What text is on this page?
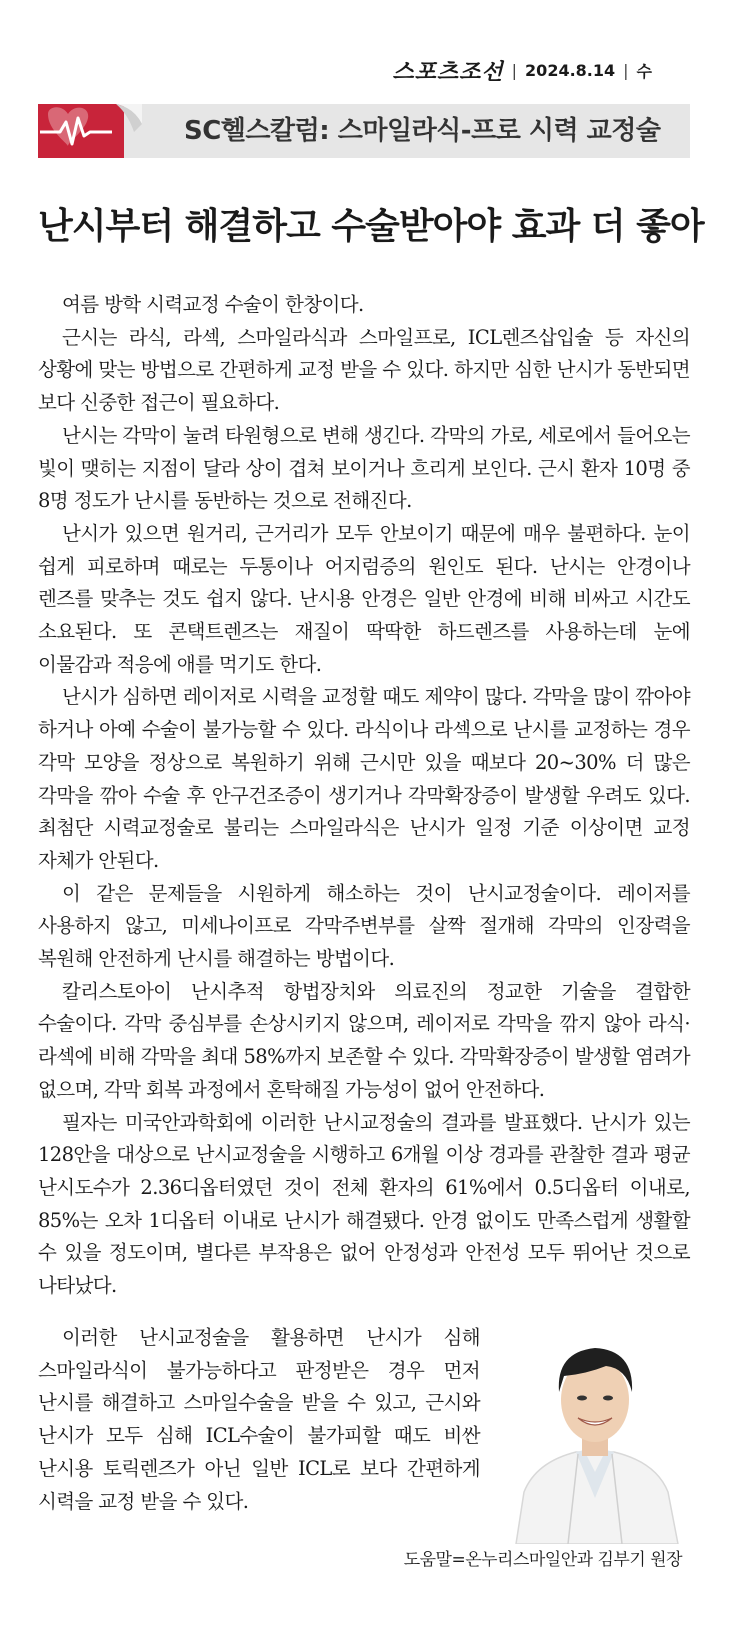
스포츠조선 | 2024.8.14 | 수
SC헬스칼럼: 스마일라식-프로 시력 교정술
난시부터 해결하고 수술받아야 효과 더 좋아

여름 방학 시력교정 수술이 한창이다.

근시는 라식, 라섹, 스마일라식과 스마일프로, ICL렌즈삽입술 등 자신의 상황에 맞는 방법으로 간편하게 교정 받을 수 있다. 하지만 심한 난시가 동반되면 보다 신중한 접근이 필요하다.

난시는 각막이 눌려 타원형으로 변해 생긴다. 각막의 가로, 세로에서 들어오는 빛이 맺히는 지점이 달라 상이 겹쳐 보이거나 흐리게 보인다. 근시 환자 10명 중 8명 정도가 난시를 동반하는 것으로 전해진다.

난시가 있으면 원거리, 근거리가 모두 안보이기 때문에 매우 불편하다. 눈이 쉽게 피로하며 때로는 두통이나 어지럼증의 원인도 된다. 난시는 안경이나 렌즈를 맞추는 것도 쉽지 않다. 난시용 안경은 일반 안경에 비해 비싸고 시간도 소요된다. 또 콘택트렌즈는 재질이 딱딱한 하드렌즈를 사용하는데 눈에 이물감과 적응에 애를 먹기도 한다.

난시가 심하면 레이저로 시력을 교정할 때도 제약이 많다. 각막을 많이 깎아야 하거나 아예 수술이 불가능할 수 있다. 라식이나 라섹으로 난시를 교정하는 경우 각막 모양을 정상으로 복원하기 위해 근시만 있을 때보다 20~30% 더 많은 각막을 깎아 수술 후 안구건조증이 생기거나 각막확장증이 발생할 우려도 있다. 최첨단 시력교정술로 불리는 스마일라식은 난시가 일정 기준 이상이면 교정 자체가 안된다.

이 같은 문제들을 시원하게 해소하는 것이 난시교정술이다. 레이저를 사용하지 않고, 미세나이프로 각막주변부를 살짝 절개해 각막의 인장력을 복원해 안전하게 난시를 해결하는 방법이다.

칼리스토아이 난시추적 항법장치와 의료진의 정교한 기술을 결합한 수술이다. 각막 중심부를 손상시키지 않으며, 레이저로 각막을 깎지 않아 라식·라섹에 비해 각막을 최대 58%까지 보존할 수 있다. 각막확장증이 발생할 염려가 없으며, 각막 회복 과정에서 혼탁해질 가능성이 없어 안전하다.

필자는 미국안과학회에 이러한 난시교정술의 결과를 발표했다. 난시가 있는 128안을 대상으로 난시교정술을 시행하고 6개월 이상 경과를 관찰한 결과 평균 난시도수가 2.36디옵터였던 것이 전체 환자의 61%에서 0.5디옵터 이내로, 85%는 오차 1디옵터 이내로 난시가 해결됐다. 안경 없이도 만족스럽게 생활할 수 있을 정도이며, 별다른 부작용은 없어 안정성과 안전성 모두 뛰어난 것으로 나타났다.

이러한 난시교정술을 활용하면 난시가 심해 스마일라식이 불가능하다고 판정받은 경우 먼저 난시를 해결하고 스마일수술을 받을 수 있고, 근시와 난시가 모두 심해 ICL수술이 불가피할 때도 비싼 난시용 토릭렌즈가 아닌 일반 ICL로 보다 간편하게 시력을 교정 받을 수 있다.

도움말=온누리스마일안과 김부기 원장
